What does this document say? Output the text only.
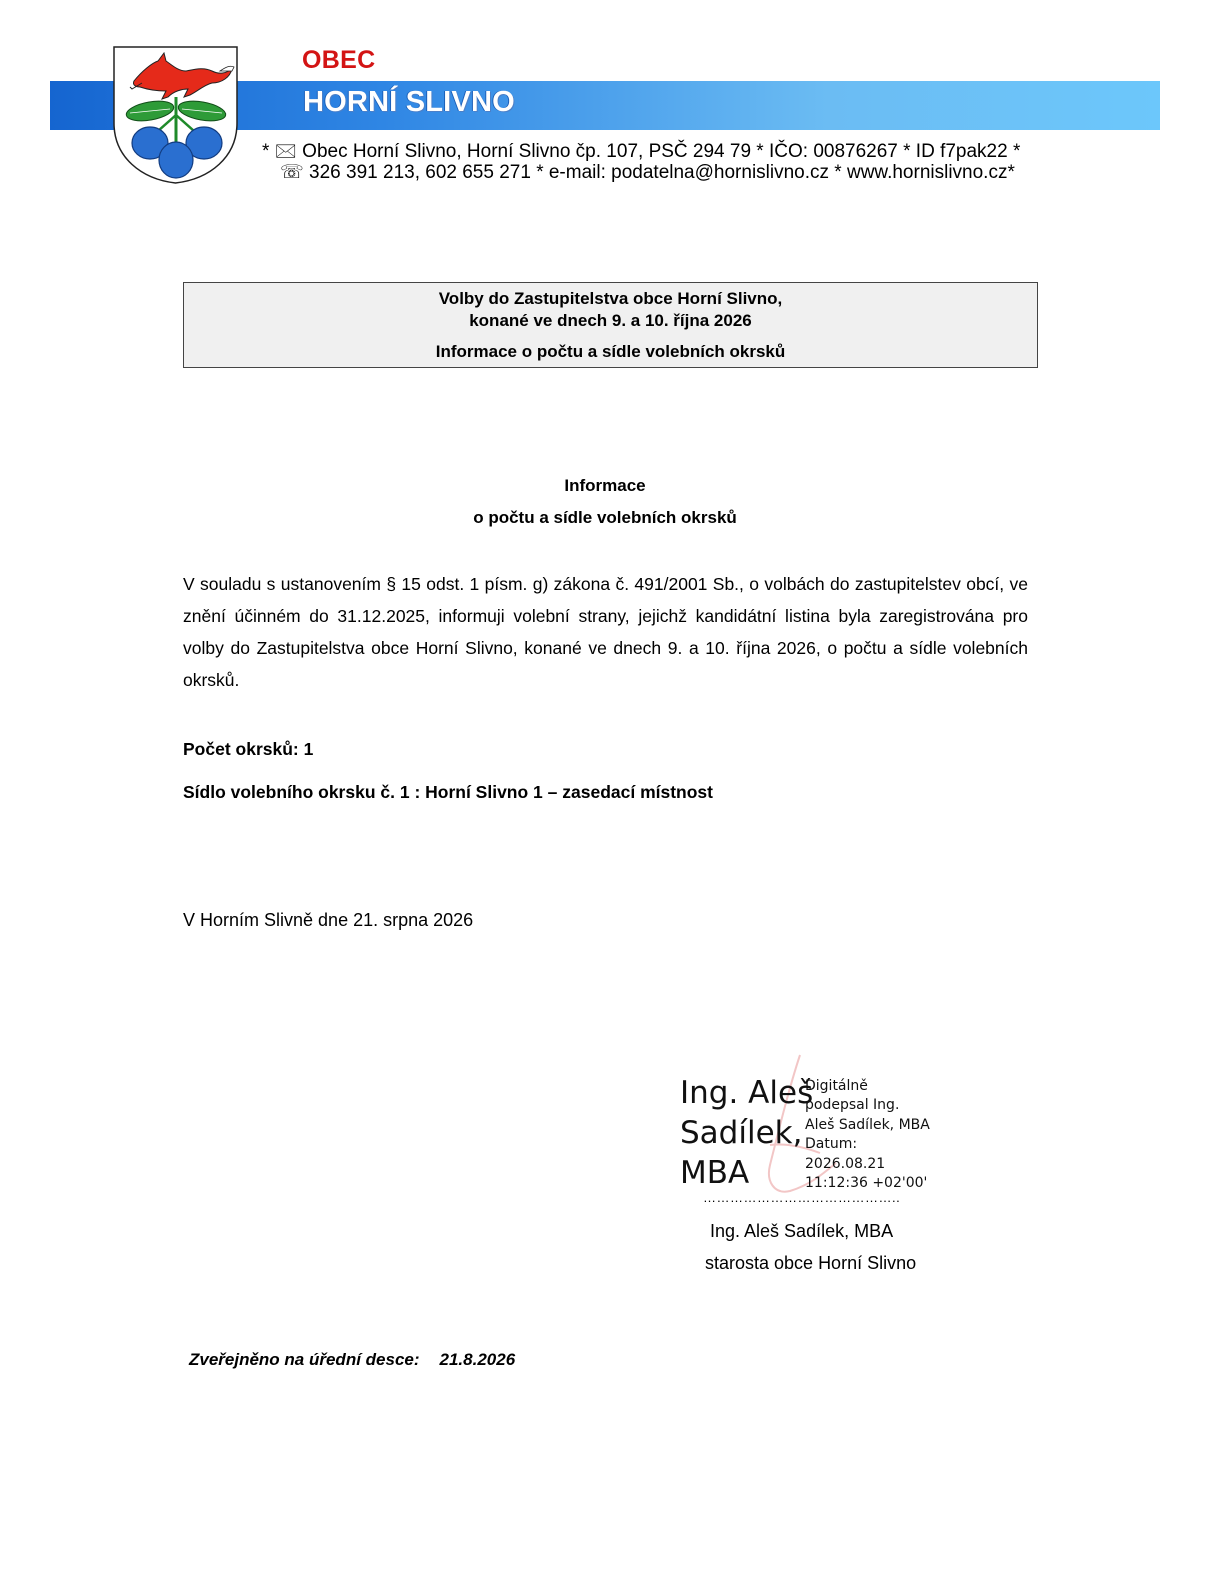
OBEC
HORNÍ SLIVNO
* 🖂 Obec Horní Slivno, Horní Slivno čp. 107, PSČ 294 79 * IČO: 00876267 * ID f7pak22 *
☏ 326 391 213, 602 655 271 * e-mail: podatelna@hornislivno.cz * www.hornislivno.cz*
Volby do Zastupitelstva obce Horní Slivno,
konané ve dnech 9. a 10. října 2026
Informace o počtu a sídle volebních okrsků
Informace
o počtu a sídle volebních okrsků
V souladu s ustanovením § 15 odst. 1 písm. g) zákona č. 491/2001 Sb., o volbách do zastupitelstev obcí, ve znění účinném do 31.12.2025, informuji volební strany, jejichž kandidátní listina byla zaregistrována pro volby do Zastupitelstva obce Horní Slivno, konané ve dnech 9. a 10. října 2026, o počtu a sídle volebních okrsků.
Počet okrsků: 1
Sídlo volebního okrsku č. 1 : Horní Slivno 1 – zasedací místnost
V Horním Slivně dne 21. srpna 2026
Ing. Aleš
Sadílek,
MBA
Digitálně
podepsal Ing.
Aleš Sadílek, MBA
Datum:
2026.08.21
11:12:36 +02'00'
……………………………………..
Ing. Aleš Sadílek, MBA
starosta obce Horní Slivno
Zveřejněno na úřední desce: 21.8.2026
